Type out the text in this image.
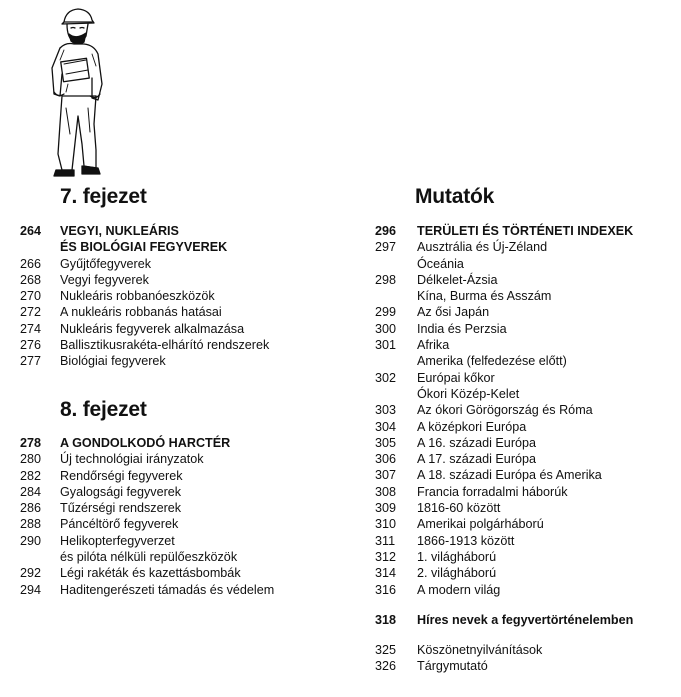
7. fejezet
264 VEGYI, NUKLEÁRIS
ÉS BIOLÓGIAI FEGYVEREK
266 Gyűjtőfegyverek
268 Vegyi fegyverek
270 Nukleáris robbanóeszközök
272 A nukleáris robbanás hatásai
274 Nukleáris fegyverek alkalmazása
276 Ballisztikusrakéta-elhárító rendszerek
277 Biológiai fegyverek
8. fejezet
278 A GONDOLKODÓ HARCTÉR
280 Új technológiai irányzatok
282 Rendőrségi fegyverek
284 Gyalogsági fegyverek
286 Tűzérségi rendszerek
288 Páncéltörő fegyverek
290 Helikopterfegyverzet
és pilóta nélküli repülőeszközök
292 Légi rakéták és kazettásbombák
294 Haditengerészeti támadás és védelem
Mutatók
296 TERÜLETI ÉS TÖRTÉNETI INDEXEK
297 Ausztrália és Új-Zéland
Óceánia
298 Délkelet-Ázsia
Kína, Burma és Asszám
299 Az ősi Japán
300 India és Perzsia
301 Afrika
Amerika (felfedezése előtt)
302 Európai kőkor
Ókori Közép-Kelet
303 Az ókori Görögország és Róma
304 A középkori Európa
305 A 16. századi Európa
306 A 17. századi Európa
307 A 18. századi Európa és Amerika
308 Francia forradalmi háborúk
309 1816-60 között
310 Amerikai polgárháború
311 1866-1913 között
312 1. világháború
314 2. világháború
316 A modern világ
318 Híres nevek a fegyvertörténelemben
325 Köszönetnyilvánítások
326 Tárgymutató
